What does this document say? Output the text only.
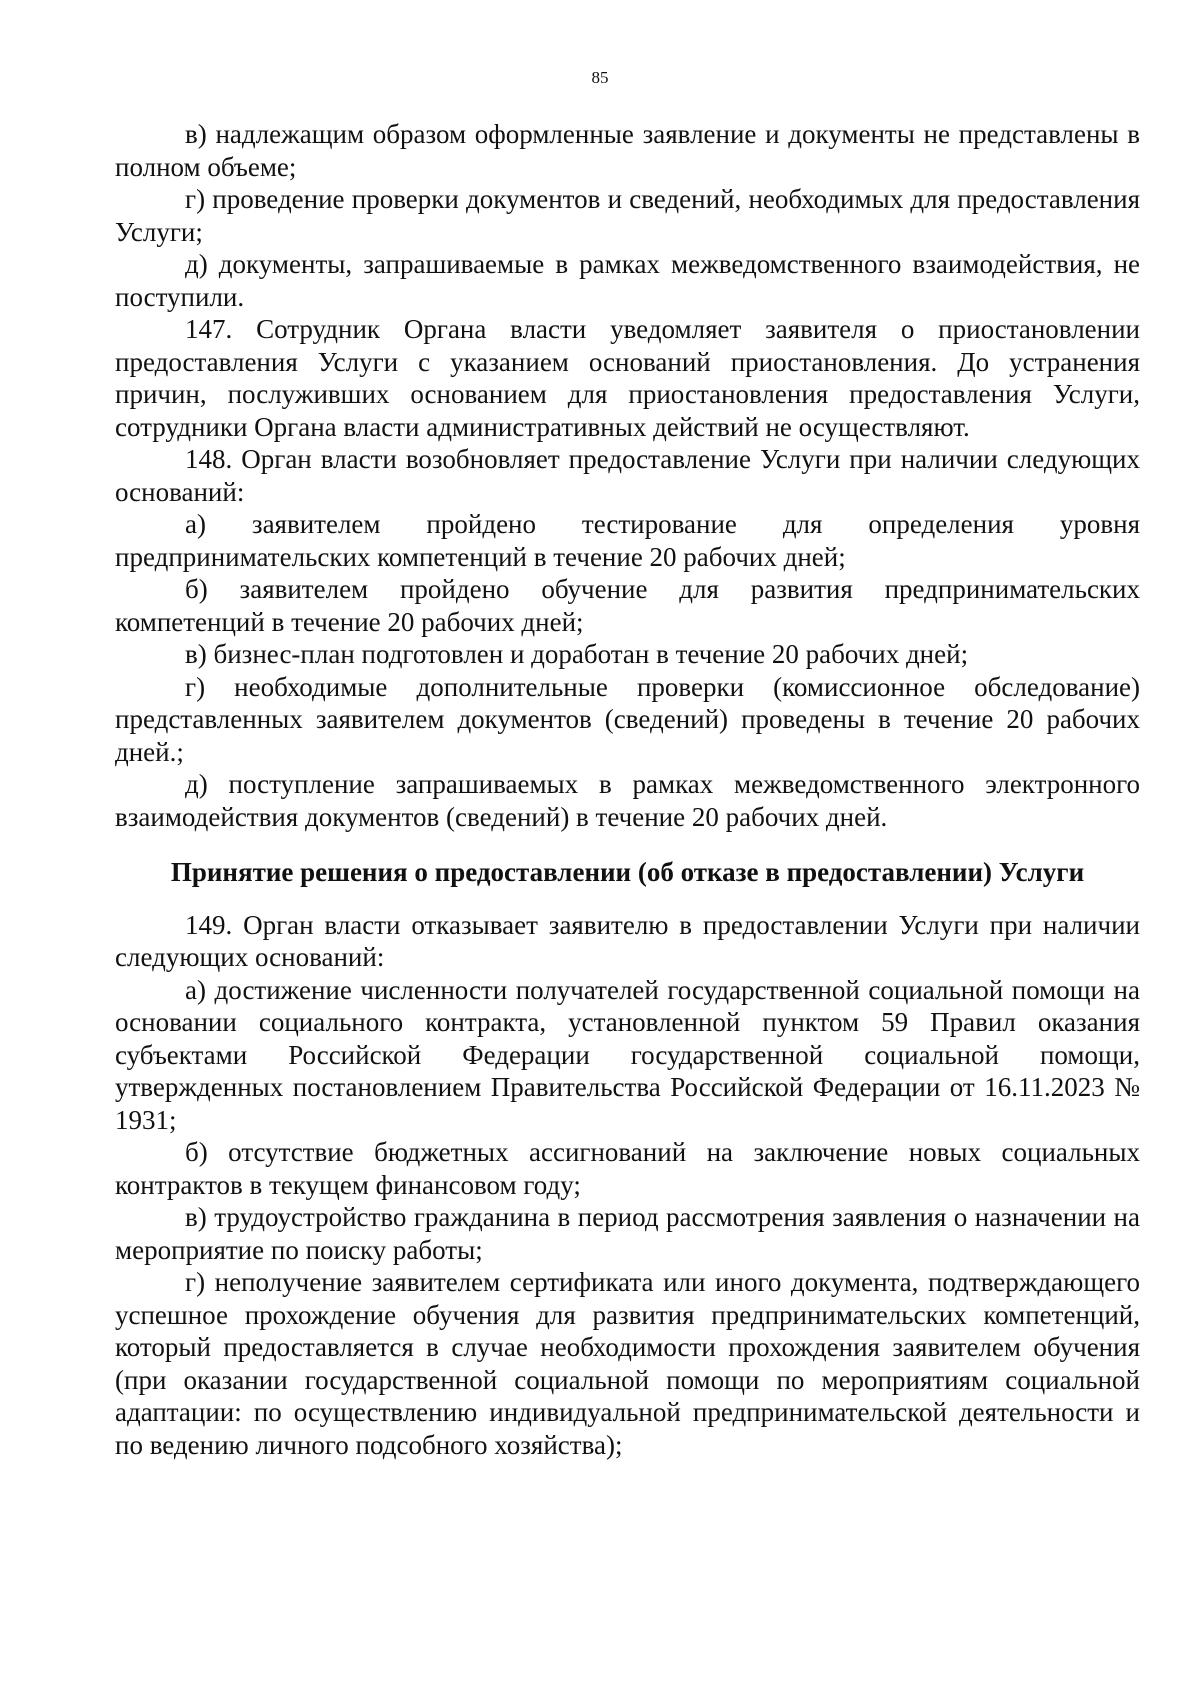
85

в) надлежащим образом оформленные заявление и документы не представлены в полном объеме;

г) проведение проверки документов и сведений, необходимых для предоставления Услуги;

д) документы, запрашиваемые в рамках межведомственного взаимодействия, не поступили.

147. Сотрудник Органа власти уведомляет заявителя о приостановлении предоставления Услуги с указанием оснований приостановления. До устранения причин, послуживших основанием для приостановления предоставления Услуги, сотрудники Органа власти административных действий не осуществляют.

148. Орган власти возобновляет предоставление Услуги при наличии следующих оснований:

а) заявителем пройдено тестирование для определения уровня предпринимательских компетенций в течение 20 рабочих дней;

б) заявителем пройдено обучение для развития предпринимательских компетенций в течение 20 рабочих дней;

в) бизнес-план подготовлен и доработан в течение 20 рабочих дней;

г) необходимые дополнительные проверки (комиссионное обследование) представленных заявителем документов (сведений) проведены в течение 20 рабочих дней.;

д) поступление запрашиваемых в рамках межведомственного электронного взаимодействия документов (сведений) в течение 20 рабочих дней.

Принятие решения о предоставлении (об отказе в предоставлении) Услуги

149. Орган власти отказывает заявителю в предоставлении Услуги при наличии следующих оснований:

а) достижение численности получателей государственной социальной помощи на основании социального контракта, установленной пунктом 59 Правил оказания субъектами Российской Федерации государственной социальной помощи, утвержденных постановлением Правительства Российской Федерации от 16.11.2023 № 1931;

б) отсутствие бюджетных ассигнований на заключение новых социальных контрактов в текущем финансовом году;

в) трудоустройство гражданина в период рассмотрения заявления о назначении на мероприятие по поиску работы;

г) неполучение заявителем сертификата или иного документа, подтверждающего успешное прохождение обучения для развития предпринимательских компетенций, который предоставляется в случае необходимости прохождения заявителем обучения (при оказании государственной социальной помощи по мероприятиям социальной адаптации: по осуществлению индивидуальной предпринимательской деятельности и по ведению личного подсобного хозяйства);
